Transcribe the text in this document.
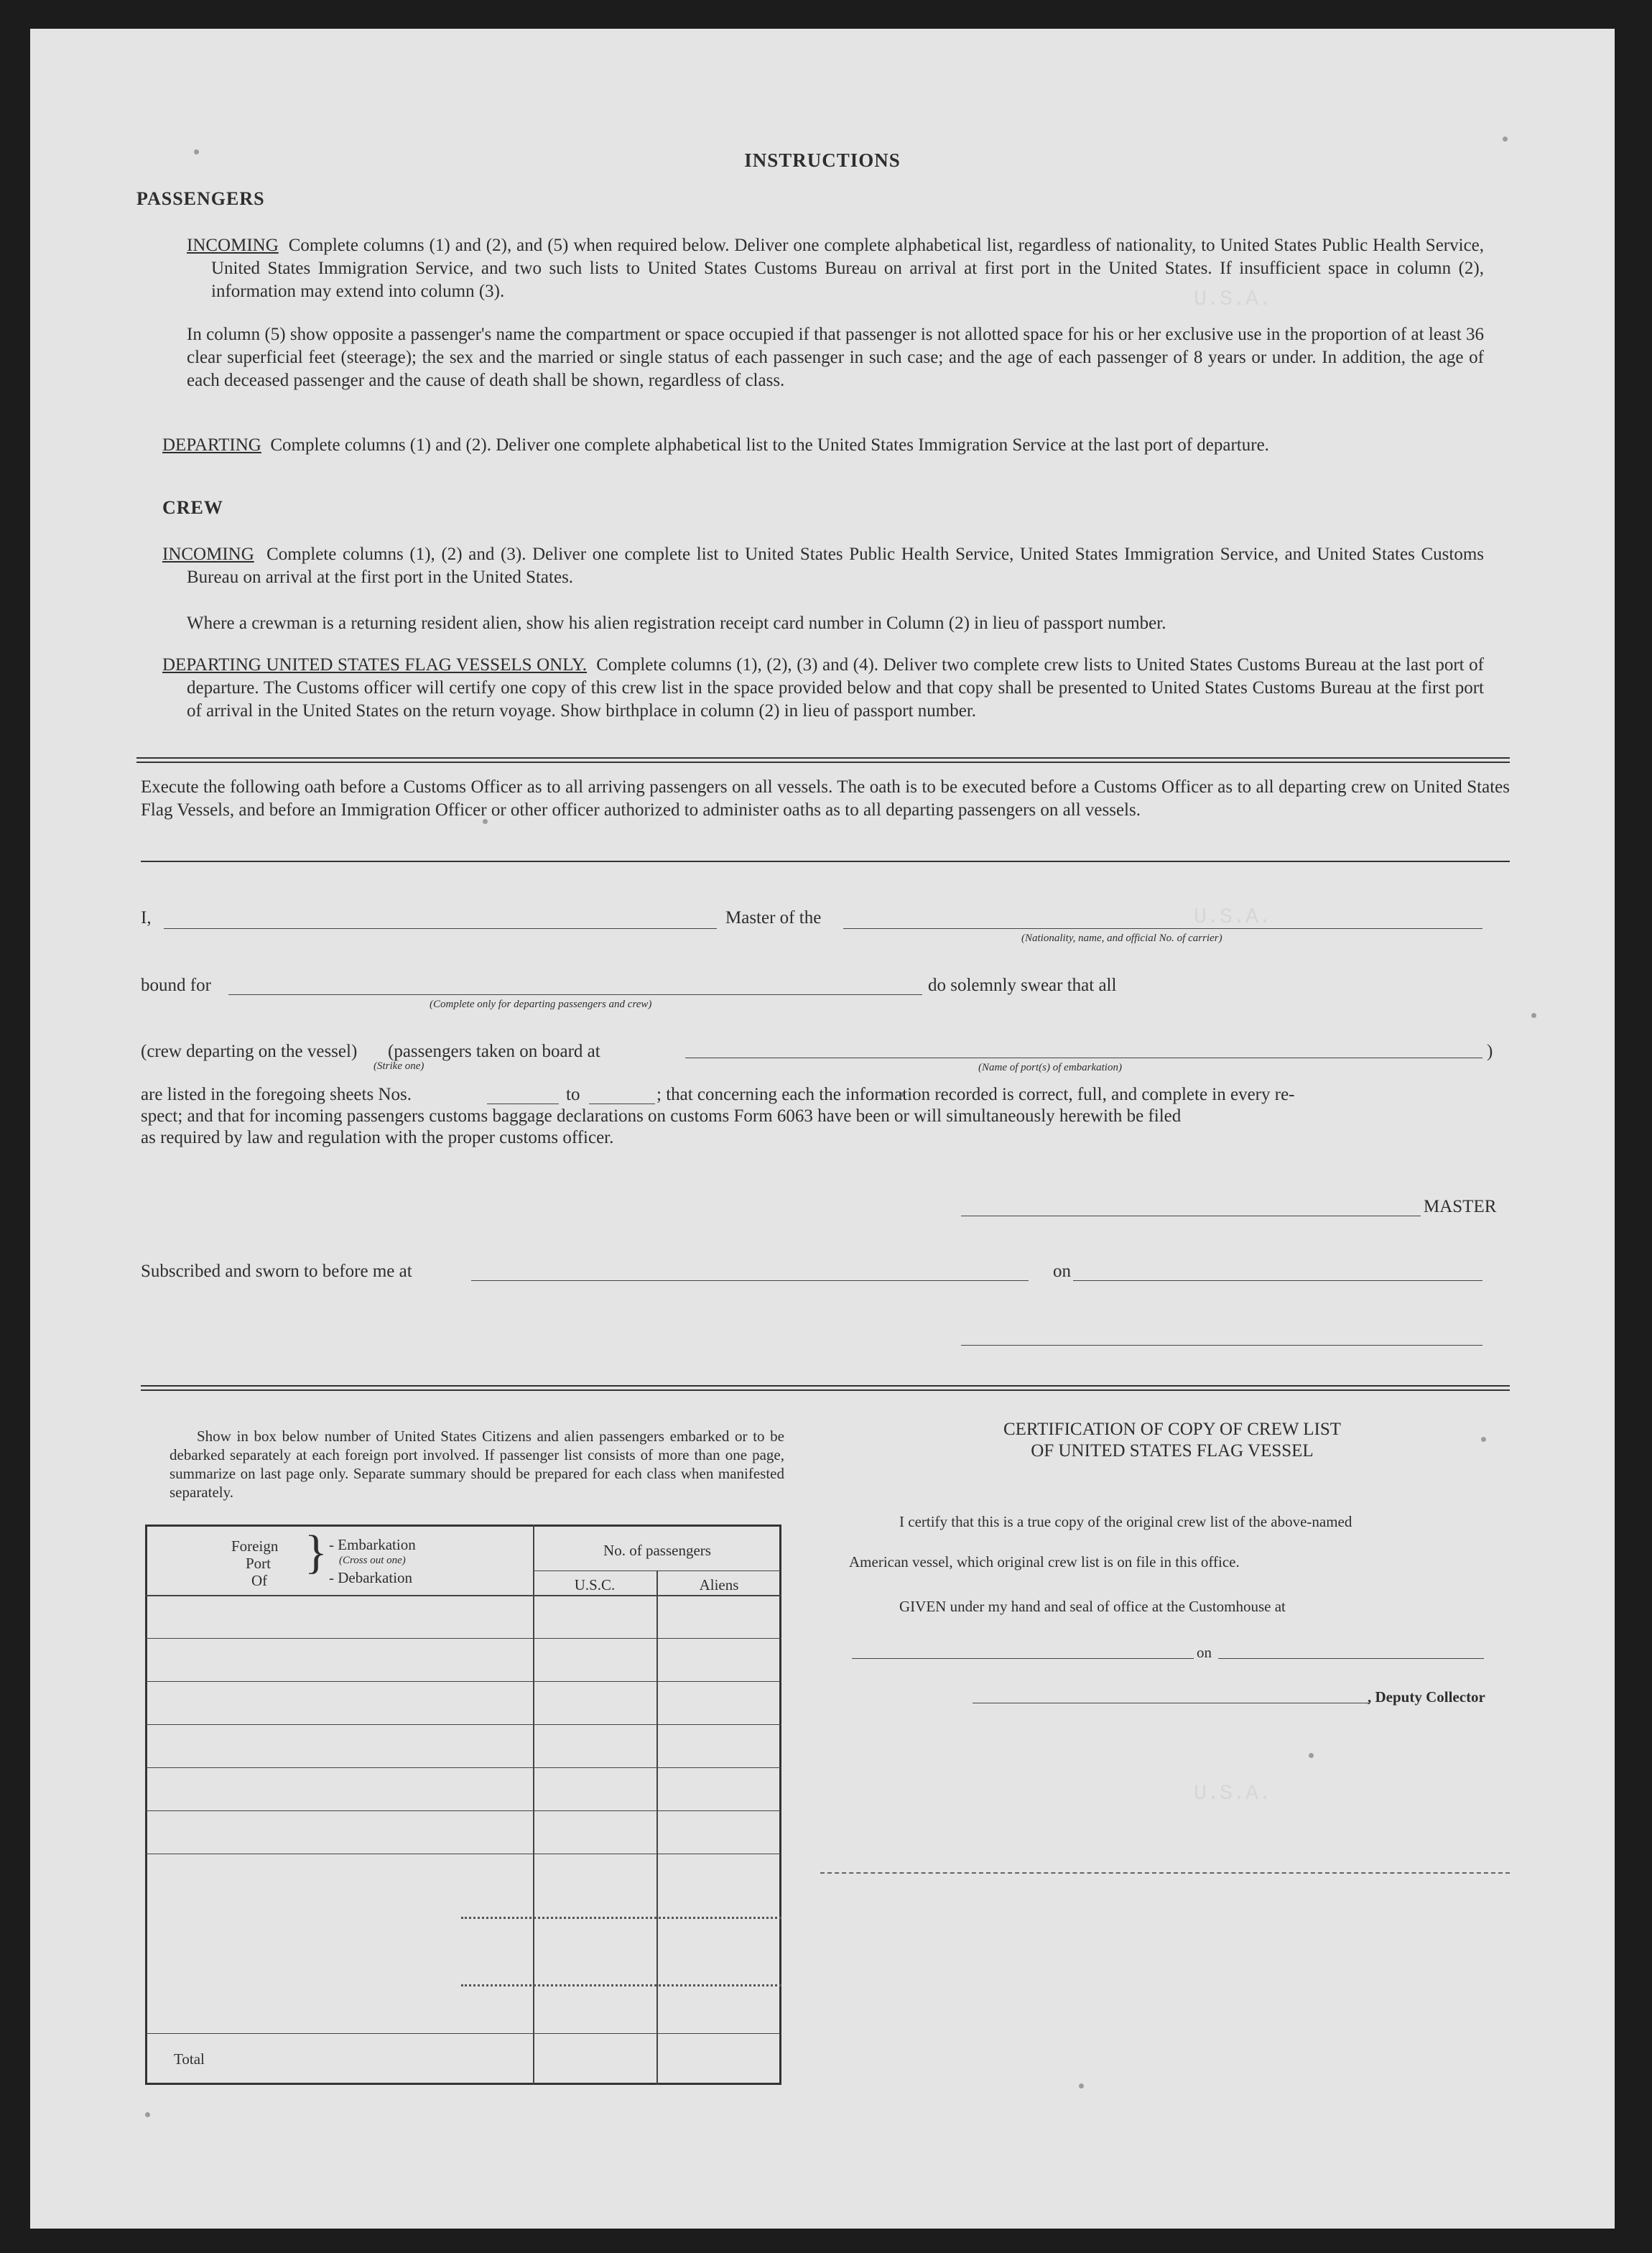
U.S.A.
U.S.A.
U.S.A.
INSTRUCTIONS
PASSENGERS
INCOMING Complete columns (1) and (2), and (5) when required below. Deliver one complete alphabetical list, regardless of nationality, to United States Public Health Service, United States Immigration Service, and two such lists to United States Customs Bureau on arrival at first port in the United States. If insufficient space in column (2), information may extend into column (3).
In column (5) show opposite a passenger's name the compartment or space occupied if that passenger is not allotted space for his or her exclusive use in the proportion of at least 36 clear superficial feet (steerage); the sex and the married or single status of each passenger in such case; and the age of each passenger of 8 years or under. In addition, the age of each deceased passenger and the cause of death shall be shown, regardless of class.
DEPARTING Complete columns (1) and (2). Deliver one complete alphabetical list to the United States Immigration Service at the last port of departure.
CREW
INCOMING Complete columns (1), (2) and (3). Deliver one complete list to United States Public Health Service, United States Immigration Service, and United States Customs Bureau on arrival at the first port in the United States.
Where a crewman is a returning resident alien, show his alien registration receipt card number in Column (2) in lieu of passport number.
DEPARTING UNITED STATES FLAG VESSELS ONLY. Complete columns (1), (2), (3) and (4). Deliver two complete crew lists to United States Customs Bureau at the last port of departure. The Customs officer will certify one copy of this crew list in the space provided below and that copy shall be presented to United States Customs Bureau at the first port of arrival in the United States on the return voyage. Show birthplace in column (2) in lieu of passport number.
Execute the following oath before a Customs Officer as to all arriving passengers on all vessels. The oath is to be executed before a Customs Officer as to all departing crew on United States Flag Vessels, and before an Immigration Officer or other officer authorized to administer oaths as to all departing passengers on all vessels.
I,	Master of the
(Nationality, name, and official No. of carrier)
bound for
(Complete only for departing passengers and crew)
do solemnly swear that all
(crew departing on the vessel) (passengers taken on board at
(Strike one)
)
(Name of port(s) of embarkation)
are listed in the foregoing sheets Nos.	to	; that concerning each the information recorded is correct, full, and complete in every re-
spect; and that for incoming passengers customs baggage declarations on customs Form 6063 have been or will simultaneously herewith be filed
as required by law and regulation with the proper customs officer.
MASTER
Subscribed and sworn to before me at	on
Show in box below number of United States Citizens and alien passengers embarked or to be debarked separately at each foreign port involved. If passenger list consists of more than one page, summarize on last page only. Separate summary should be prepared for each class when manifested separately.
Foreign
Port
Of
} - Embarkation
(Cross out one)
- Debarkation
No. of passengers
U.S.C.	Aliens
Total
CERTIFICATION OF COPY OF CREW LIST
OF UNITED STATES FLAG VESSEL
I certify that this is a true copy of the original crew list of the above-named
American vessel, which original crew list is on file in this office.
GIVEN under my hand and seal of office at the Customhouse at
on
, Deputy Collector
